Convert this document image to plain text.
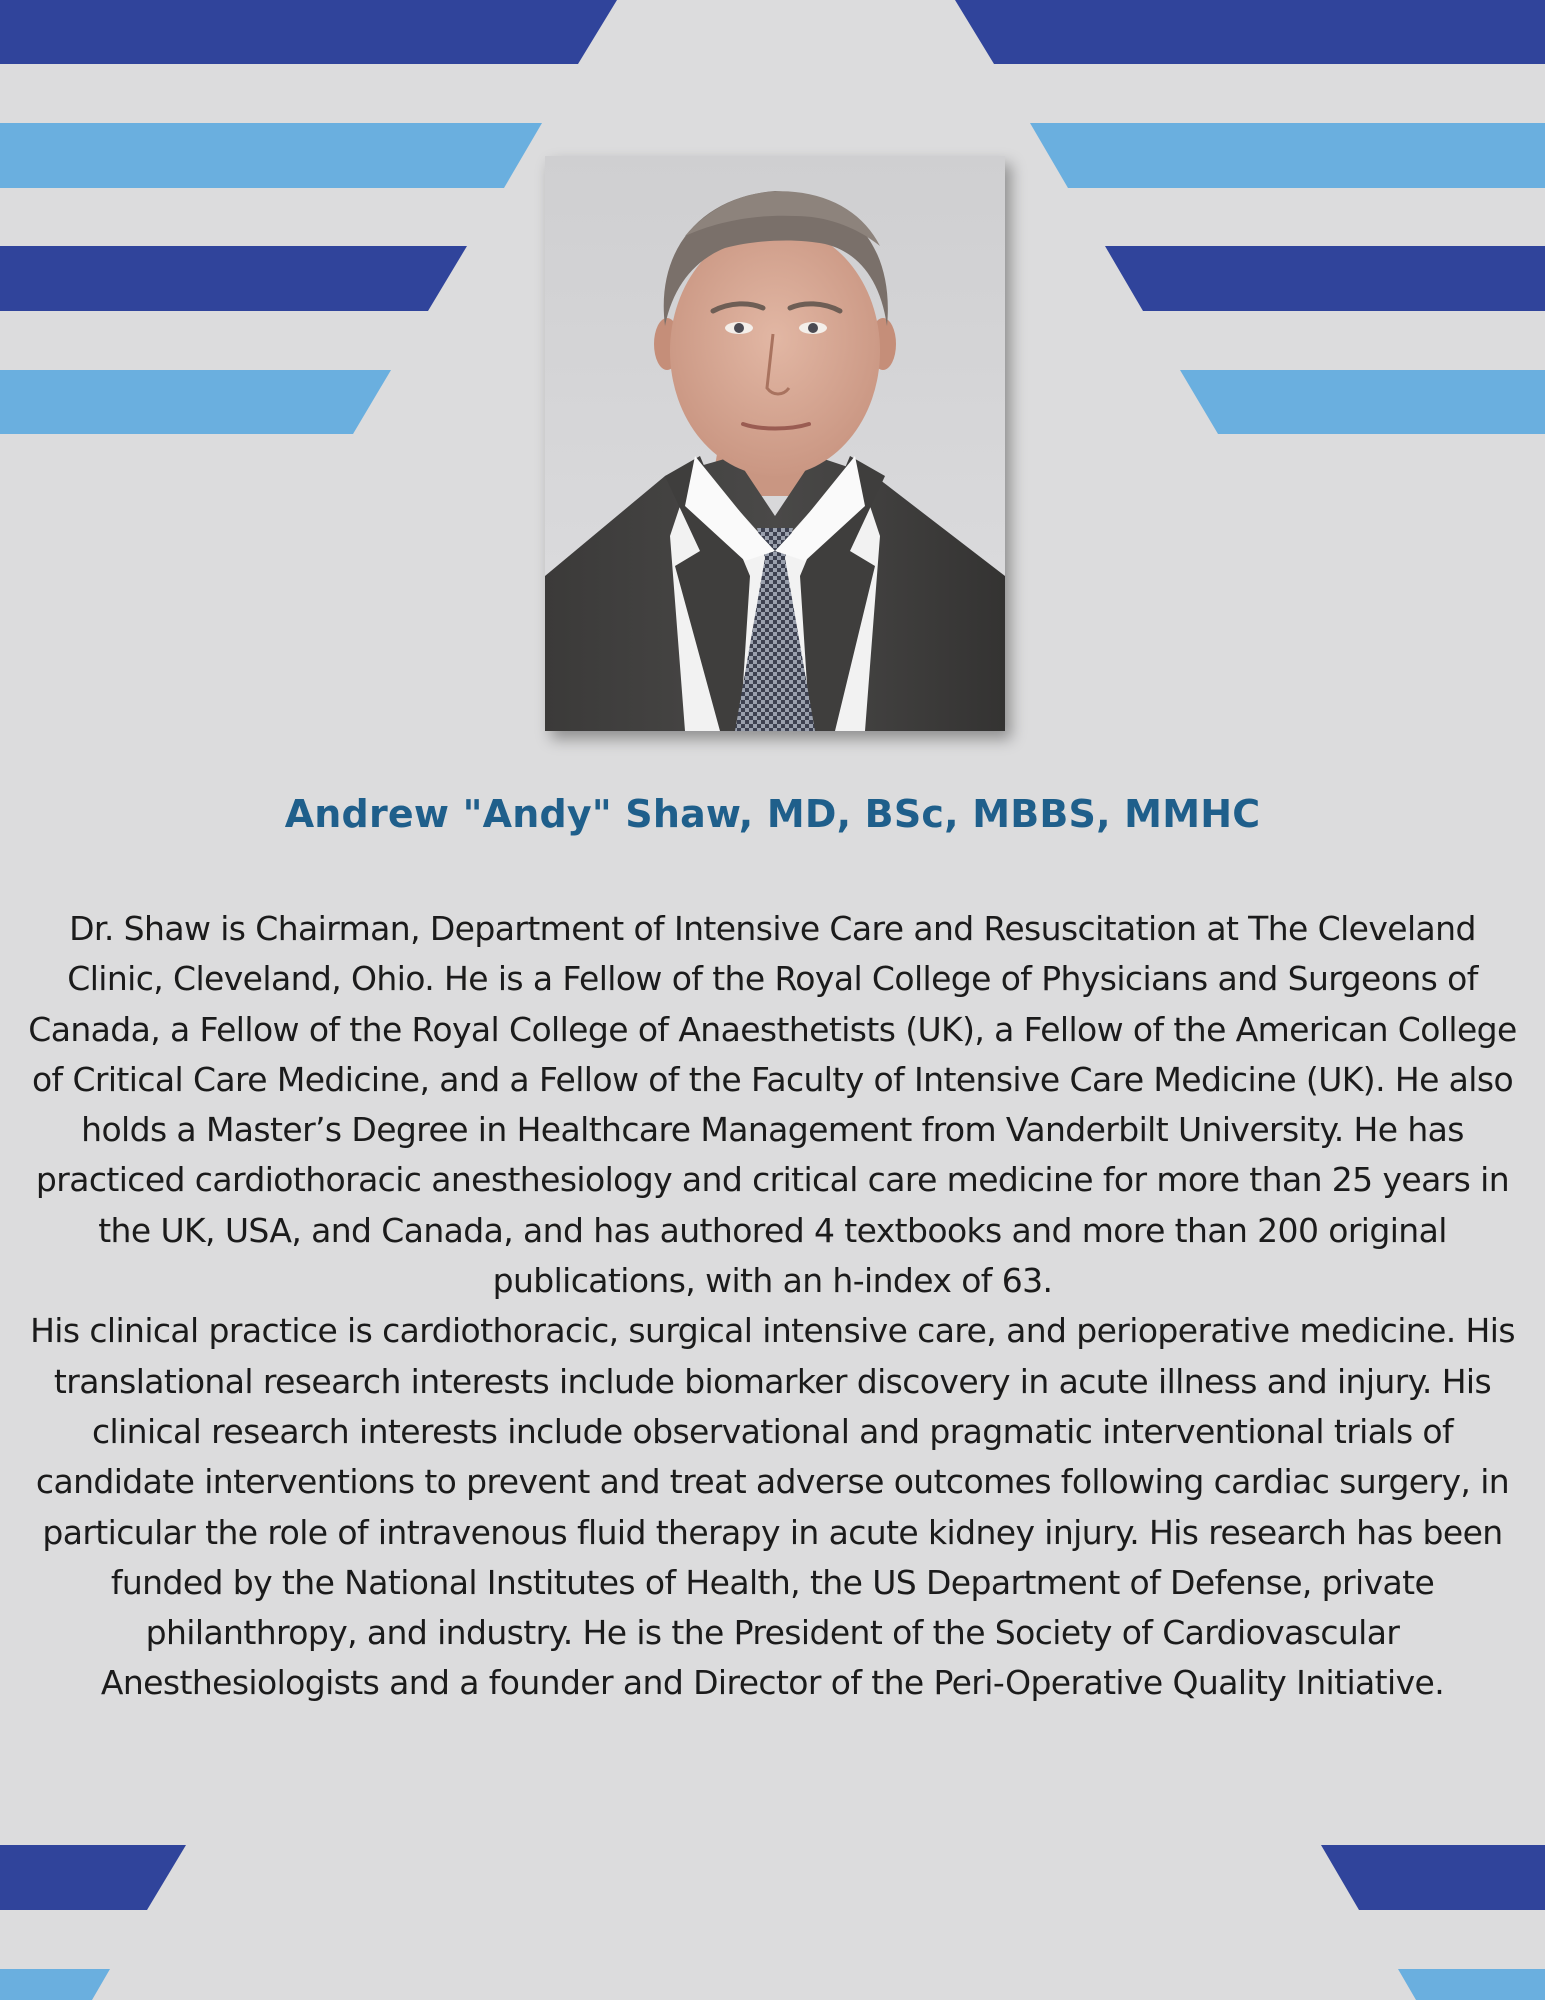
Andrew "Andy" Shaw, MD, BSc, MBBS, MMHC

Dr. Shaw is Chairman, Department of Intensive Care and Resuscitation at The Cleveland Clinic, Cleveland, Ohio. He is a Fellow of the Royal College of Physicians and Surgeons of Canada, a Fellow of the Royal College of Anaesthetists (UK), a Fellow of the American College of Critical Care Medicine, and a Fellow of the Faculty of Intensive Care Medicine (UK). He also holds a Master’s Degree in Healthcare Management from Vanderbilt University. He has practiced cardiothoracic anesthesiology and critical care medicine for more than 25 years in the UK, USA, and Canada, and has authored 4 textbooks and more than 200 original publications, with an h-index of 63.

His clinical practice is cardiothoracic, surgical intensive care, and perioperative medicine. His translational research interests include biomarker discovery in acute illness and injury. His clinical research interests include observational and pragmatic interventional trials of candidate interventions to prevent and treat adverse outcomes following cardiac surgery, in particular the role of intravenous fluid therapy in acute kidney injury. His research has been funded by the National Institutes of Health, the US Department of Defense, private philanthropy, and industry. He is the President of the Society of Cardiovascular Anesthesiologists and a founder and Director of the Peri-Operative Quality Initiative.
